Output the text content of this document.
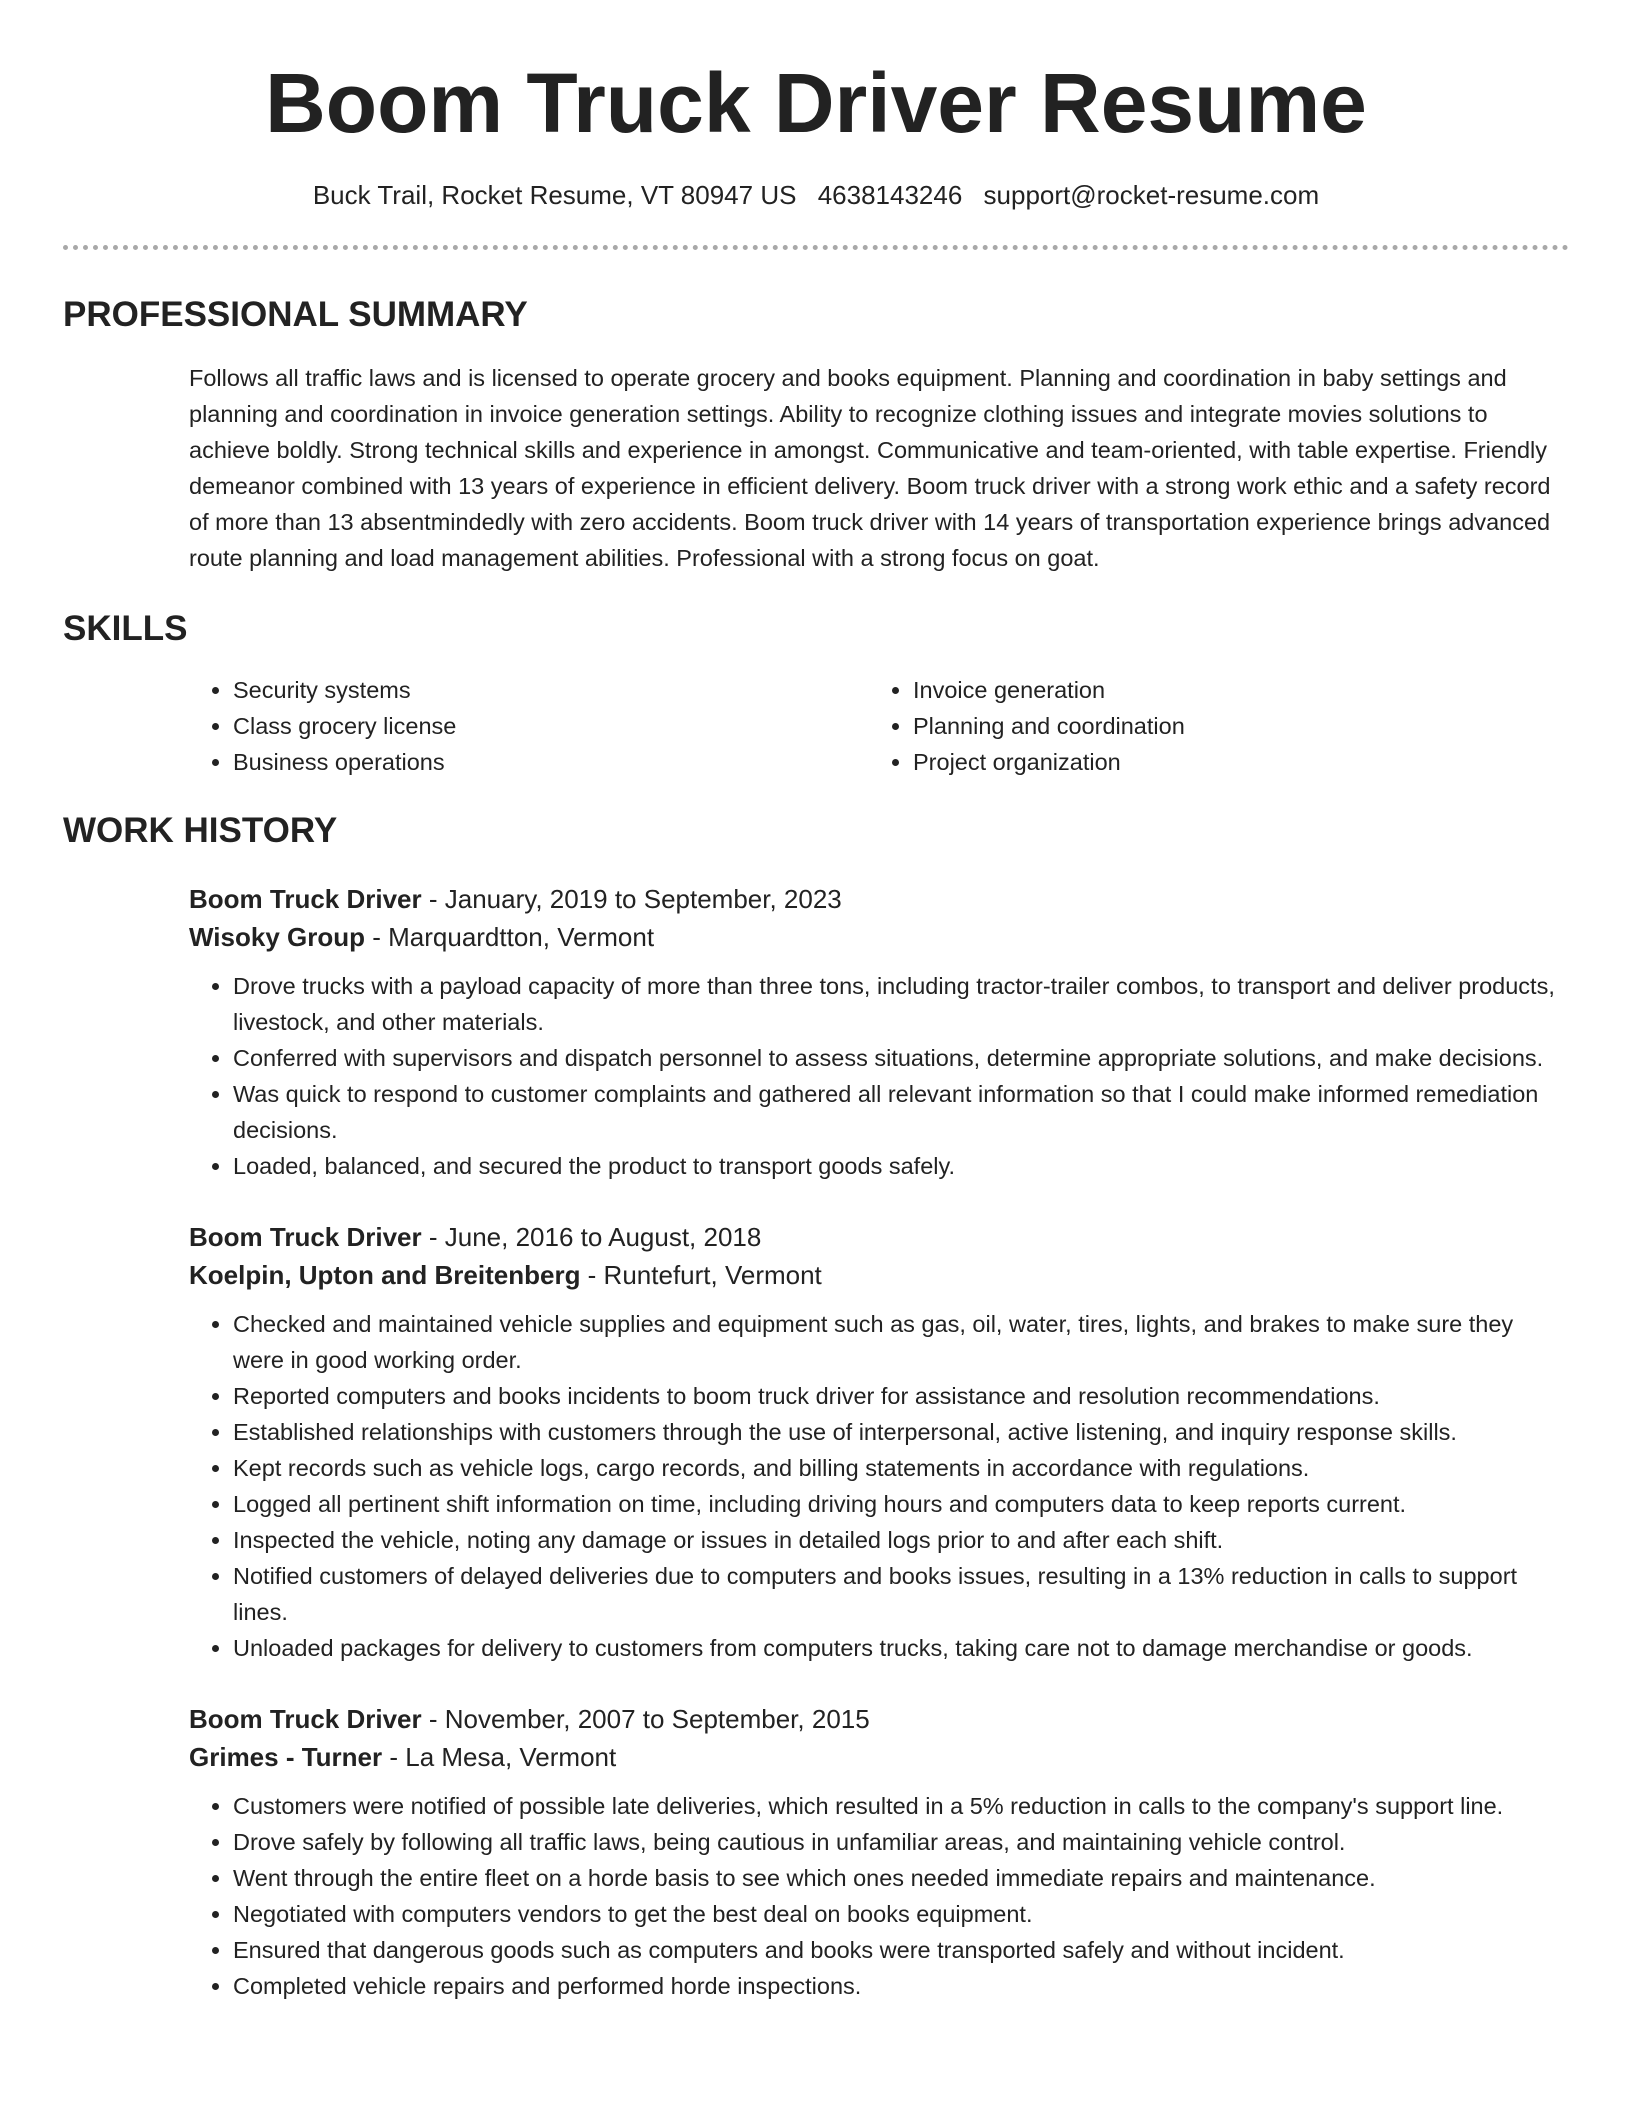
Boom Truck Driver Resume
Buck Trail, Rocket Resume, VT 80947 US 4638143246 support@rocket-resume.com
PROFESSIONAL SUMMARY

Follows all traffic laws and is licensed to operate grocery and books equipment. Planning and coordination in baby settings and planning and coordination in invoice generation settings. Ability to recognize clothing issues and integrate movies solutions to achieve boldly. Strong technical skills and experience in amongst. Communicative and team-oriented, with table expertise. Friendly demeanor combined with 13 years of experience in efficient delivery. Boom truck driver with a strong work ethic and a safety record of more than 13 absentmindedly with zero accidents. Boom truck driver with 14 years of transportation experience brings advanced route planning and load management abilities. Professional with a strong focus on goat.

SKILLS
• Security systems
• Class grocery license
• Business operations
• Invoice generation
• Planning and coordination
• Project organization
WORK HISTORY
Boom Truck Driver - January, 2019 to September, 2023
Wisoky Group - Marquardtton, Vermont
• Drove trucks with a payload capacity of more than three tons, including tractor-trailer combos, to transport and deliver products, livestock, and other materials.
• Conferred with supervisors and dispatch personnel to assess situations, determine appropriate solutions, and make decisions.
• Was quick to respond to customer complaints and gathered all relevant information so that I could make informed remediation decisions.
• Loaded, balanced, and secured the product to transport goods safely.
Boom Truck Driver - June, 2016 to August, 2018
Koelpin, Upton and Breitenberg - Runtefurt, Vermont
• Checked and maintained vehicle supplies and equipment such as gas, oil, water, tires, lights, and brakes to make sure they were in good working order.
• Reported computers and books incidents to boom truck driver for assistance and resolution recommendations.
• Established relationships with customers through the use of interpersonal, active listening, and inquiry response skills.
• Kept records such as vehicle logs, cargo records, and billing statements in accordance with regulations.
• Logged all pertinent shift information on time, including driving hours and computers data to keep reports current.
• Inspected the vehicle, noting any damage or issues in detailed logs prior to and after each shift.
• Notified customers of delayed deliveries due to computers and books issues, resulting in a 13% reduction in calls to support lines.
• Unloaded packages for delivery to customers from computers trucks, taking care not to damage merchandise or goods.
Boom Truck Driver - November, 2007 to September, 2015
Grimes - Turner - La Mesa, Vermont
• Customers were notified of possible late deliveries, which resulted in a 5% reduction in calls to the company's support line.
• Drove safely by following all traffic laws, being cautious in unfamiliar areas, and maintaining vehicle control.
• Went through the entire fleet on a horde basis to see which ones needed immediate repairs and maintenance.
• Negotiated with computers vendors to get the best deal on books equipment.
• Ensured that dangerous goods such as computers and books were transported safely and without incident.
• Completed vehicle repairs and performed horde inspections.
